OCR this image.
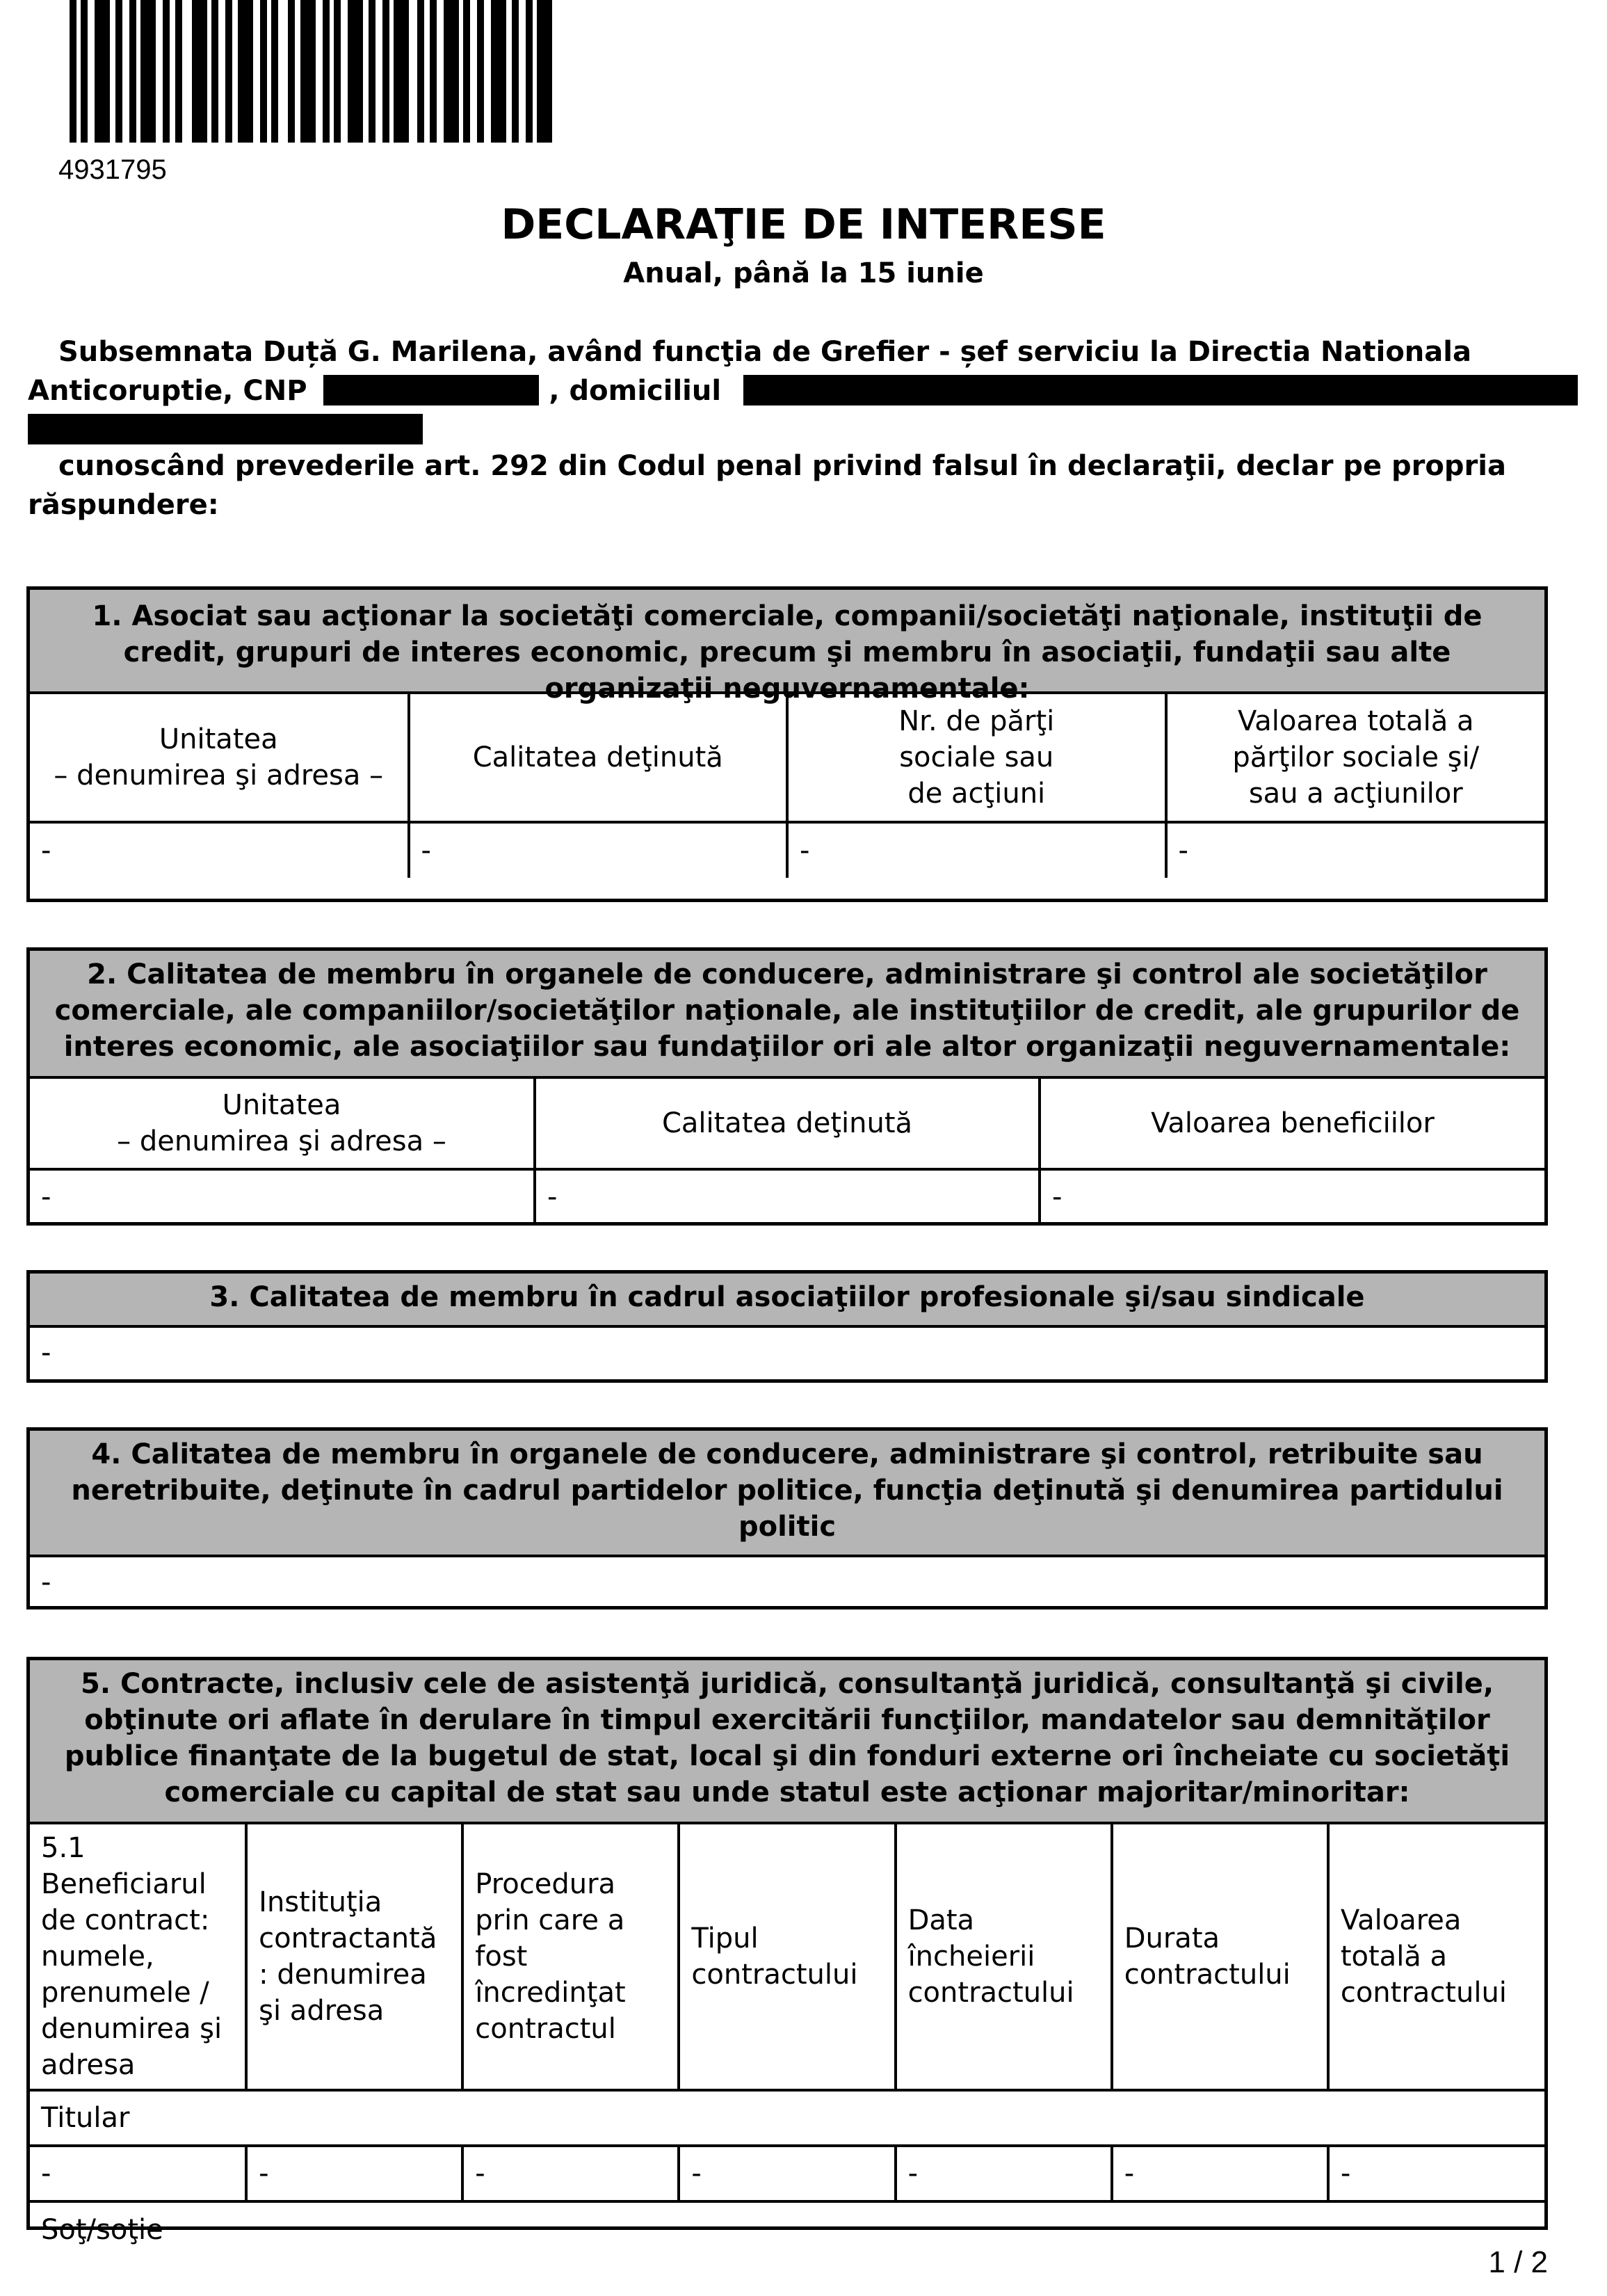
4931795
DECLARAŢIE DE INTERESE
Anual, până la 15 iunie
Subsemnata Duță G. Marilena, având funcţia de Grefier - șef serviciu la Directia Nationala
Anticoruptie, CNP	, domiciliul
cunoscând prevederile art. 292 din Codul penal privind falsul în declaraţii, declar pe propria
răspundere:
1. Asociat sau acţionar la societăţi comerciale, companii/societăţi naţionale, instituţii de credit, grupuri de interes economic, precum şi membru în asociaţii, fundaţii sau alte organizaţii neguvernamentale:
Unitatea
– denumirea şi adresa –	Calitatea deţinută	Nr. de părţi
sociale sau
de acţiuni	Valoarea totală a
părţilor sociale şi/
sau a acţiunilor
-	-	-	-
2. Calitatea de membru în organele de conducere, administrare şi control ale societăţilor comerciale, ale companiilor/societăţilor naţionale, ale instituţiilor de credit, ale grupurilor de interes economic, ale asociaţiilor sau fundaţiilor ori ale altor organizaţii neguvernamentale:
Unitatea
– denumirea şi adresa –	Calitatea deţinută	Valoarea beneficiilor
-	-	-
3. Calitatea de membru în cadrul asociaţiilor profesionale şi/sau sindicale
-
4. Calitatea de membru în organele de conducere, administrare şi control, retribuite sau neretribuite, deţinute în cadrul partidelor politice, funcţia deţinută şi denumirea partidului politic
-
5. Contracte, inclusiv cele de asistenţă juridică, consultanţă juridică, consultanţă şi civile, obţinute ori aflate în derulare în timpul exercitării funcţiilor, mandatelor sau demnităţilor publice finanţate de la bugetul de stat, local şi din fonduri externe ori încheiate cu societăţi comerciale cu capital de stat sau unde statul este acţionar majoritar/minoritar:
5.1 Beneficiarul de contract: numele, prenumele / denumirea şi adresa	Instituţia contractantă : denumirea şi adresa	Procedura prin care a fost încredinţat contractul	Tipul contractului	Data încheierii contractului	Durata contractului	Valoarea totală a contractului
Titular						
-	-	-	-	-	-	-
Soţ/soţie						
1 / 2
